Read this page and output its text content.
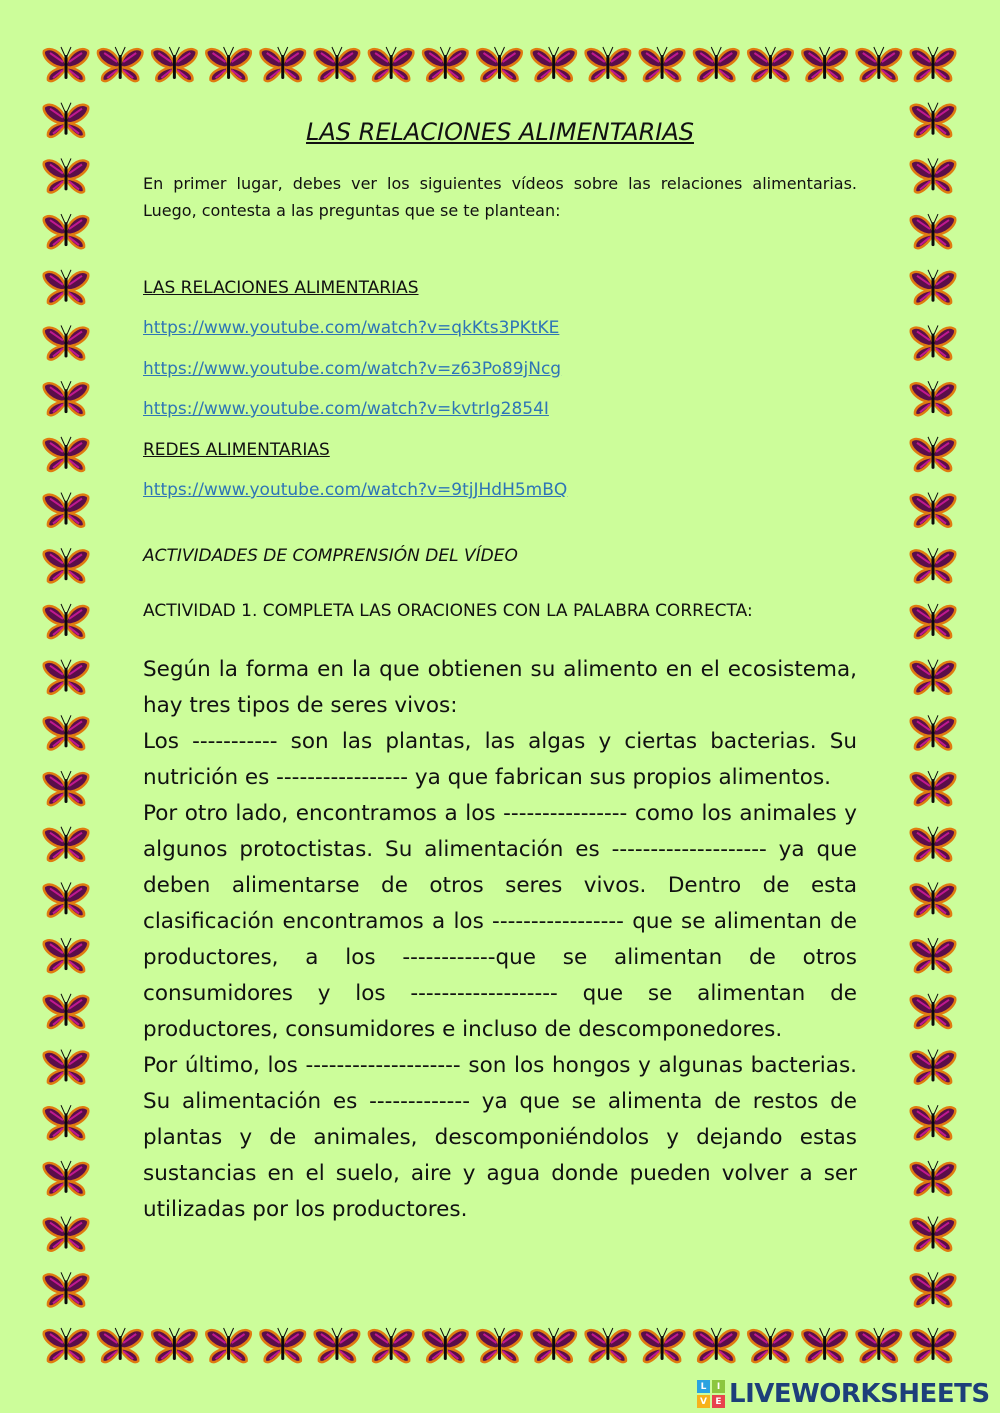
LAS RELACIONES ALIMENTARIAS

En primer lugar, debes ver los siguientes vídeos sobre las relaciones alimentarias. Luego, contesta a las preguntas que se te plantean:

LAS RELACIONES ALIMENTARIAS

https://www.youtube.com/watch?v=qkKts3PKtKE
https://www.youtube.com/watch?v=z63Po89jNcg
https://www.youtube.com/watch?v=kvtrIg2854I

REDES ALIMENTARIAS

https://www.youtube.com/watch?v=9tjJHdH5mBQ

ACTIVIDADES DE COMPRENSIÓN DEL VÍDEO

ACTIVIDAD 1. COMPLETA LAS ORACIONES CON LA PALABRA CORRECTA:

Según la forma en la que obtienen su alimento en el ecosistema, hay tres tipos de seres vivos:

Los ----------- son las plantas, las algas y ciertas bacterias. Su nutrición es ----------------- ya que fabrican sus propios alimentos.

Por otro lado, encontramos a los ---------------- como los animales y algunos protoctistas. Su alimentación es -------------------- ya que deben alimentarse de otros seres vivos. Dentro de esta clasificación encontramos a los ----------------- que se alimentan de productores, a los ------------que se alimentan de otros consumidores y los ------------------- que se alimentan de productores, consumidores e incluso de descomponedores.

Por último, los -------------------- son los hongos y algunas bacterias. Su alimentación es ------------- ya que se alimenta de restos de plantas y de animales, descomponiéndolos y dejando estas sustancias en el suelo, aire y agua donde pueden volver a ser utilizadas por los productores.

L	I
V E LIVEWORKSHEETS
